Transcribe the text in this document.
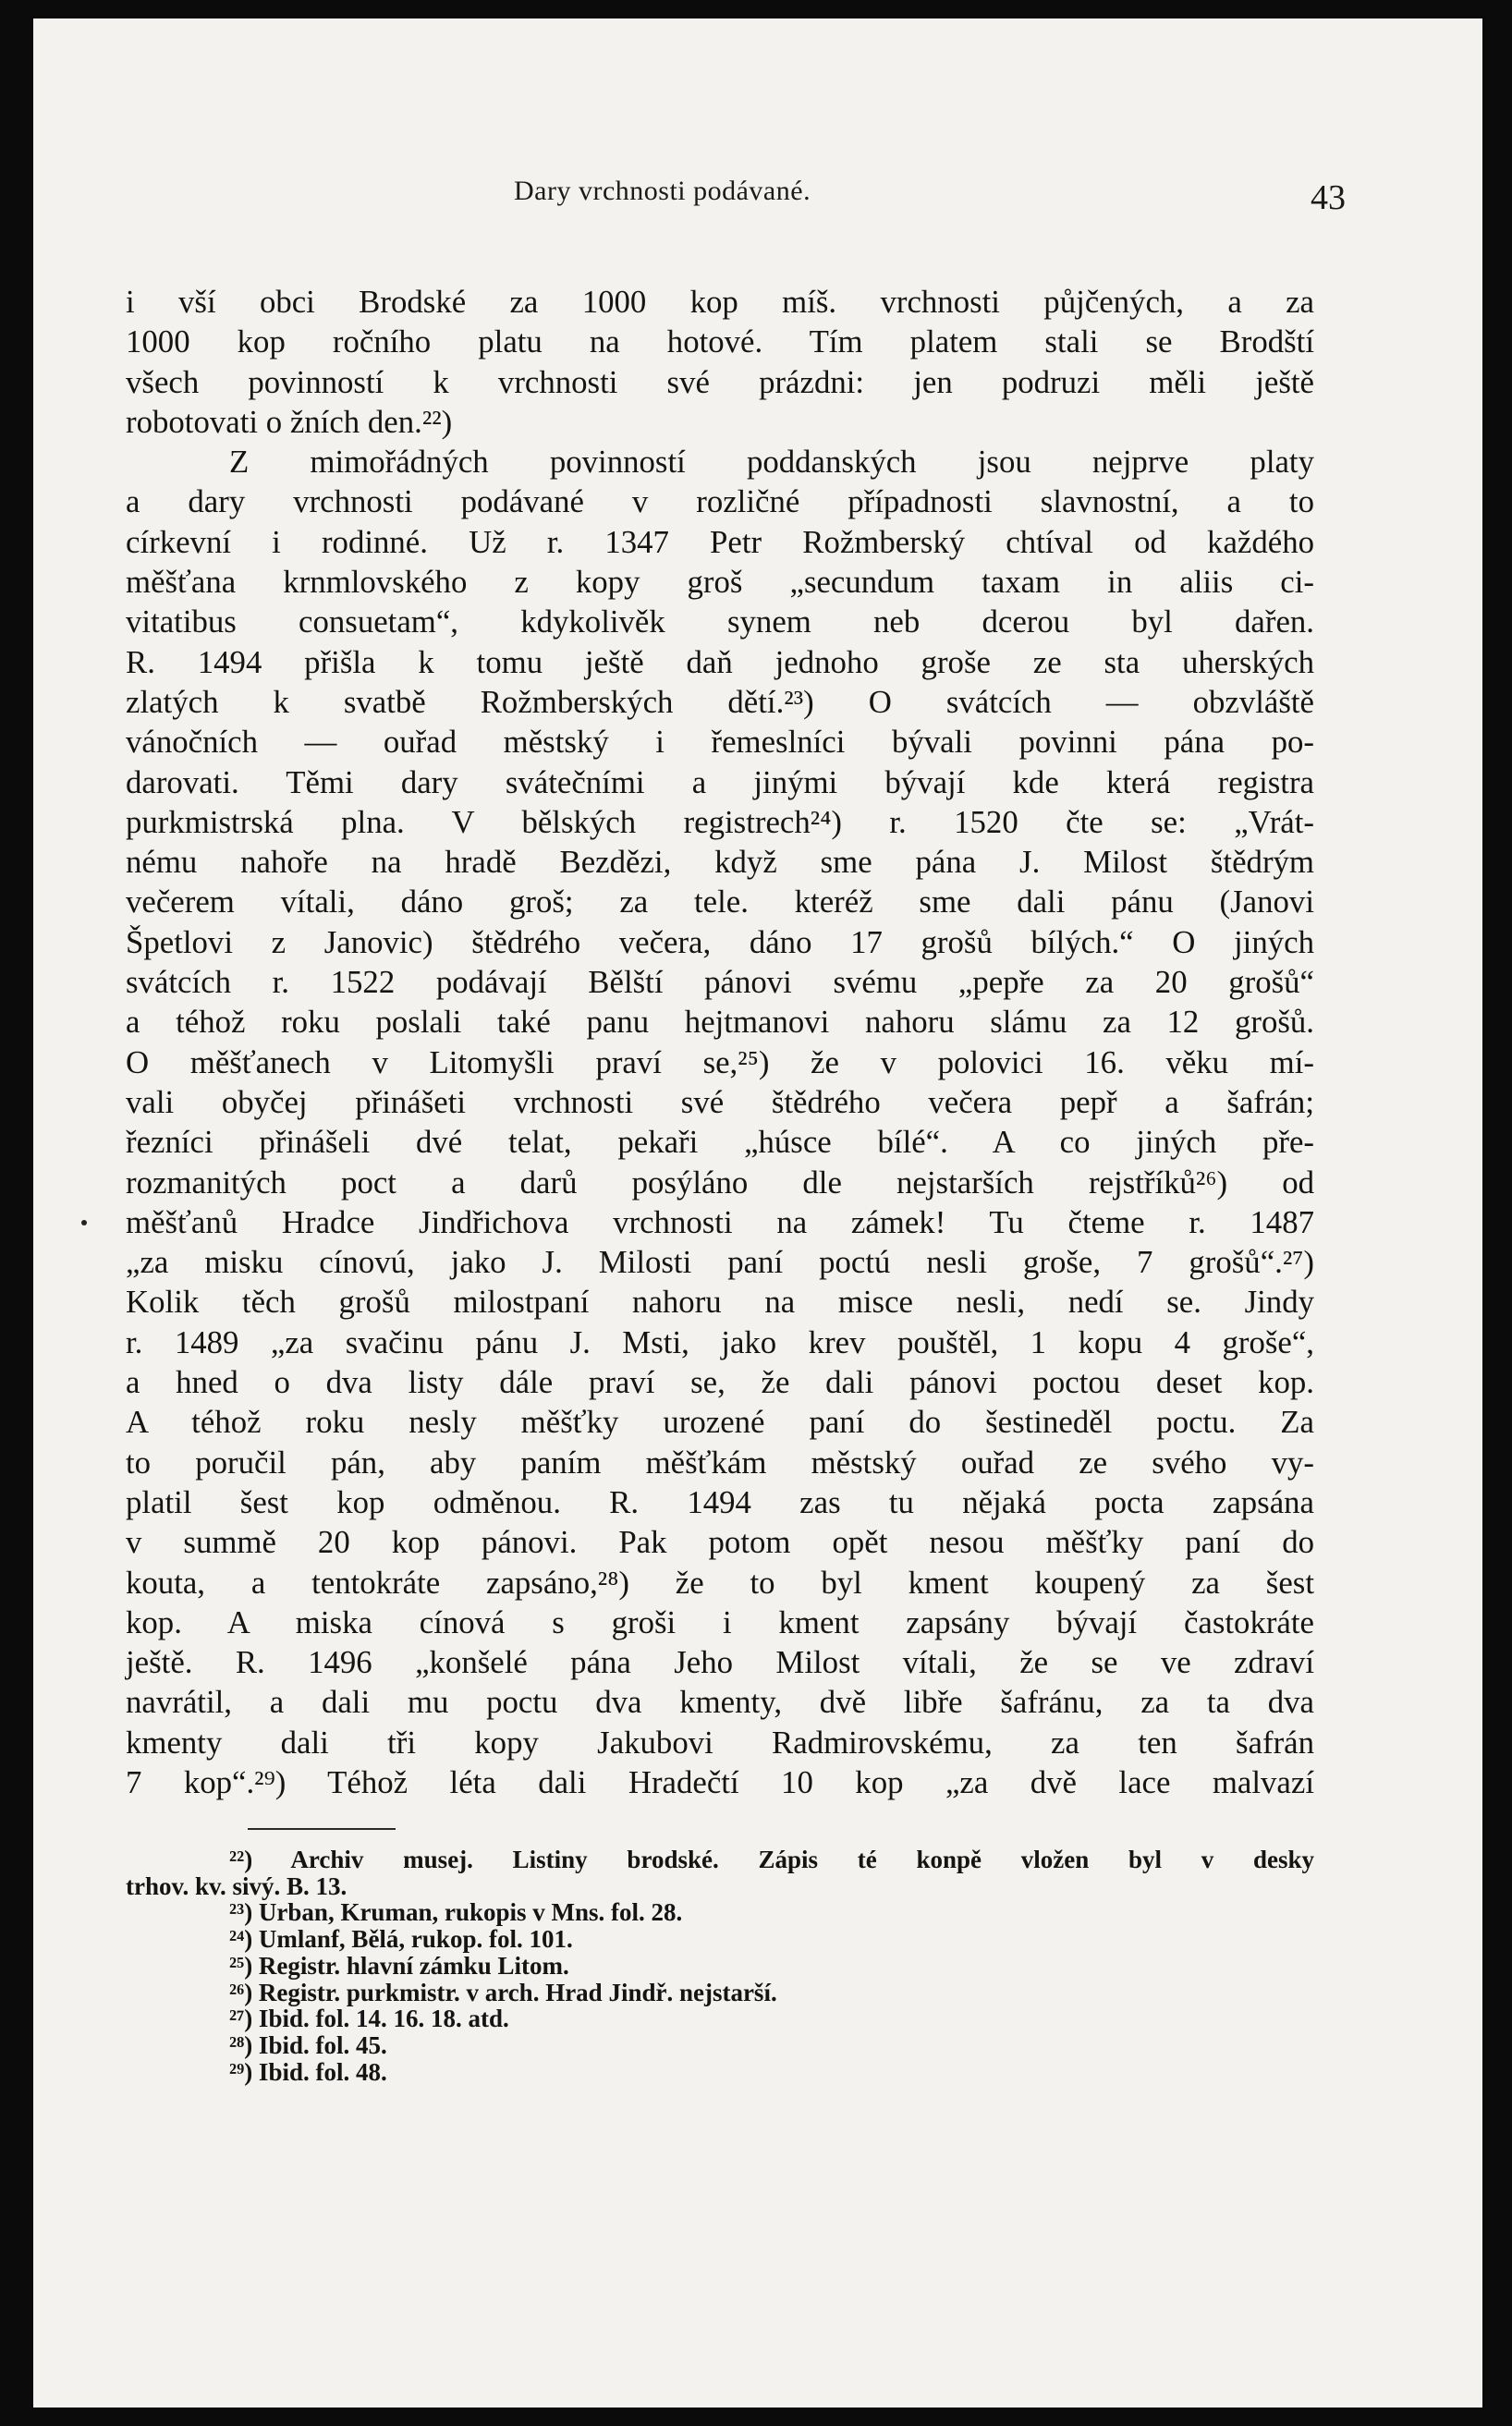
Dary vrchnosti podávané.	43
i vší obci Brodské za 1000 kop míš. vrchnosti půjčených, a za
1000 kop ročního platu na hotové. Tím platem stali se Brodští
všech povinností k vrchnosti své prázdni: jen podruzi měli ještě
robotovati o žních den.²²)
Z mimořádných povinností poddanských jsou nejprve platy
a dary vrchnosti podávané v rozličné případnosti slavnostní, a to
církevní i rodinné. Už r. 1347 Petr Rožmberský chtíval od každého
měšťana krnmlovského z kopy groš „secundum taxam in aliis ci-
vitatibus consuetam“, kdykolivěk synem neb dcerou byl dařen.
R. 1494 přišla k tomu ještě daň jednoho groše ze sta uherských
zlatých k svatbě Rožmberských dětí.²³) O svátcích — obzvláště
vánočních — ouřad městský i řemeslníci bývali povinni pána po-
darovati. Těmi dary svátečními a jinými bývají kde která registra
purkmistrská plna. V bělských registrech²⁴) r. 1520 čte se: „Vrát-
nému nahoře na hradě Bezdězi, když sme pána J. Milost štědrým
večerem vítali, dáno groš; za tele. kteréž sme dali pánu (Janovi
Špetlovi z Janovic) štědrého večera, dáno 17 grošů bílých.“ O jiných
svátcích r. 1522 podávají Bělští pánovi svému „pepře za 20 grošů“
a téhož roku poslali také panu hejtmanovi nahoru slámu za 12 grošů.
O měšťanech v Litomyšli praví se,²⁵) že v polovici 16. věku mí-
vali obyčej přinášeti vrchnosti své štědrého večera pepř a šafrán;
řezníci přinášeli dvé telat, pekaři „húsce bílé“. A co jiných pře-
rozmanitých poct a darů posýláno dle nejstarších rejstříků²⁶) od
měšťanů Hradce Jindřichova vrchnosti na zámek! Tu čteme r. 1487
„za misku cínovú, jako J. Milosti paní poctú nesli groše, 7 grošů“.²⁷)
Kolik těch grošů milostpaní nahoru na misce nesli, nedí se. Jindy
r. 1489 „za svačinu pánu J. Msti, jako krev pouštěl, 1 kopu 4 groše“,
a hned o dva listy dále praví se, že dali pánovi poctou deset kop.
A téhož roku nesly měšťky urozené paní do šestineděl poctu. Za
to poručil pán, aby paním měšťkám městský ouřad ze svého vy-
platil šest kop odměnou. R. 1494 zas tu nějaká pocta zapsána
v summě 20 kop pánovi. Pak potom opět nesou měšťky paní do
kouta, a tentokráte zapsáno,²⁸) že to byl kment koupený za šest
kop. A miska cínová s groši i kment zapsány bývají častokráte
ještě. R. 1496 „konšelé pána Jeho Milost vítali, že se ve zdraví
navrátil, a dali mu poctu dva kmenty, dvě libře šafránu, za ta dva
kmenty dali tři kopy Jakubovi Radmirovskému, za ten šafrán
7 kop“.²⁹) Téhož léta dali Hradečtí 10 kop „za dvě lace malvazí
²²) Archiv musej. Listiny brodské. Zápis té konpě vložen byl v desky
trhov. kv. sivý. B. 13.
²³) Urban, Kruman, rukopis v Mns. fol. 28.
²⁴) Umlanf, Bělá, rukop. fol. 101.
²⁵) Registr. hlavní zámku Litom.
²⁶) Registr. purkmistr. v arch. Hrad Jindř. nejstarší.
²⁷) Ibid. fol. 14. 16. 18. atd.
²⁸) Ibid. fol. 45.
²⁹) Ibid. fol. 48.
